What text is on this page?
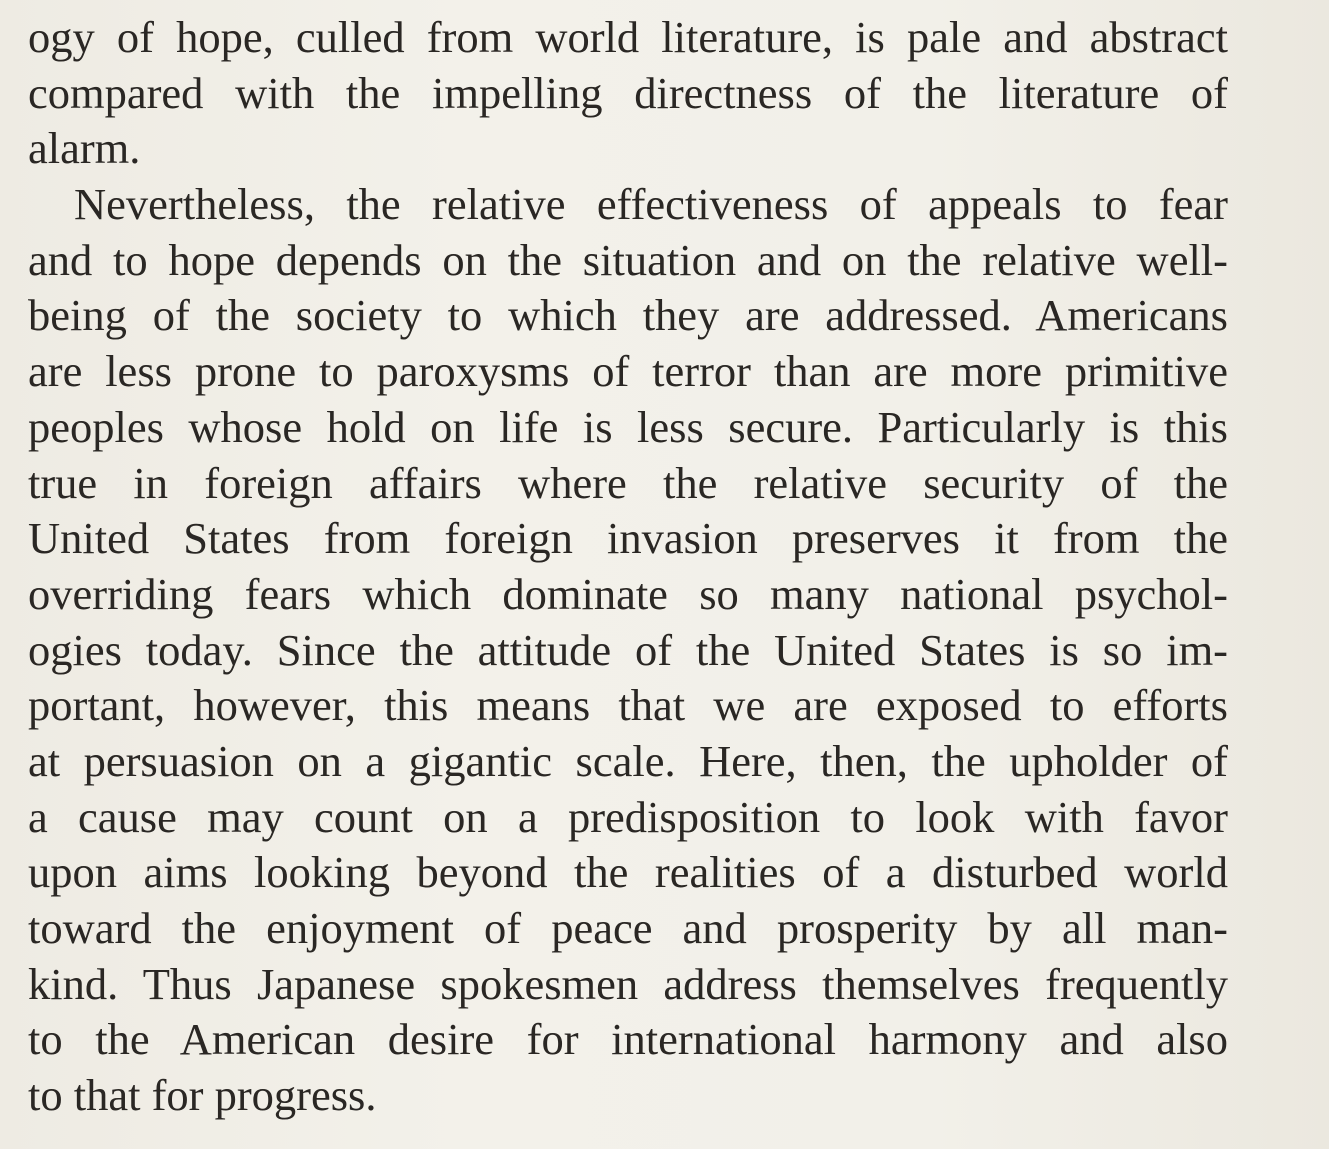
ogy of hope, culled from world literature, is pale and abstract
compared with the impelling directness of the literature of
alarm.
Nevertheless, the relative effectiveness of appeals to fear
and to hope depends on the situation and on the relative well-
being of the society to which they are addressed. Americans
are less prone to paroxysms of terror than are more primitive
peoples whose hold on life is less secure. Particularly is this
true in foreign affairs where the relative security of the
United States from foreign invasion preserves it from the
overriding fears which dominate so many national psychol-
ogies today. Since the attitude of the United States is so im-
portant, however, this means that we are exposed to efforts
at persuasion on a gigantic scale. Here, then, the upholder of
a cause may count on a predisposition to look with favor
upon aims looking beyond the realities of a disturbed world
toward the enjoyment of peace and prosperity by all man-
kind. Thus Japanese spokesmen address themselves frequently
to the American desire for international harmony and also
to that for progress.
